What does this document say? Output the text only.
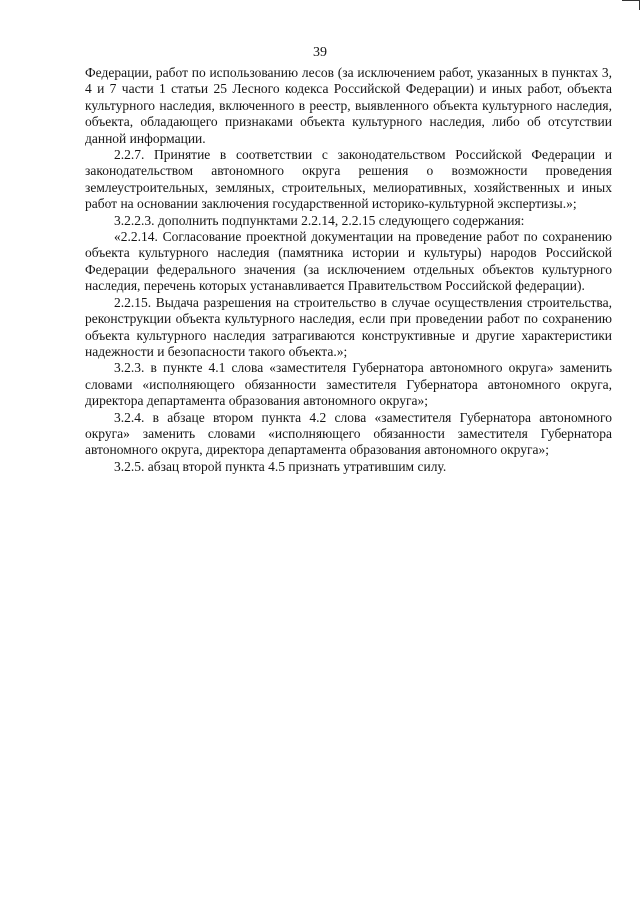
39

Федерации, работ по использованию лесов (за исключением работ, указанных в пунктах 3, 4 и 7 части 1 статьи 25 Лесного кодекса Российской Федерации) и иных работ, объекта культурного наследия, включенного в реестр, выявленного объекта культурного наследия, объекта, обладающего признаками объекта культурного наследия, либо об отсутствии данной информации.

2.2.7. Принятие в соответствии с законодательством Российской Федерации и законодательством автономного округа решения о возможности проведения землеустроительных, земляных, строительных, мелиоративных, хозяйственных и иных работ на основании заключения государственной историко-культурной экспертизы.»;

3.2.2.3. дополнить подпунктами 2.2.14, 2.2.15 следующего содержания:

«2.2.14. Согласование проектной документации на проведение работ по сохранению объекта культурного наследия (памятника истории и культуры) народов Российской Федерации федерального значения (за исключением отдельных объектов культурного наследия, перечень которых устанавливается Правительством Российской федерации).

2.2.15. Выдача разрешения на строительство в случае осуществления строительства, реконструкции объекта культурного наследия, если при проведении работ по сохранению объекта культурного наследия затрагиваются конструктивные и другие характеристики надежности и безопасности такого объекта.»;

3.2.3. в пункте 4.1 слова «заместителя Губернатора автономного округа» заменить словами «исполняющего обязанности заместителя Губернатора автономного округа, директора департамента образования автономного округа»;

3.2.4. в абзаце втором пункта 4.2 слова «заместителя Губернатора автономного округа» заменить словами «исполняющего обязанности заместителя Губернатора автономного округа, директора департамента образования автономного округа»;

3.2.5. абзац второй пункта 4.5 признать утратившим силу.
